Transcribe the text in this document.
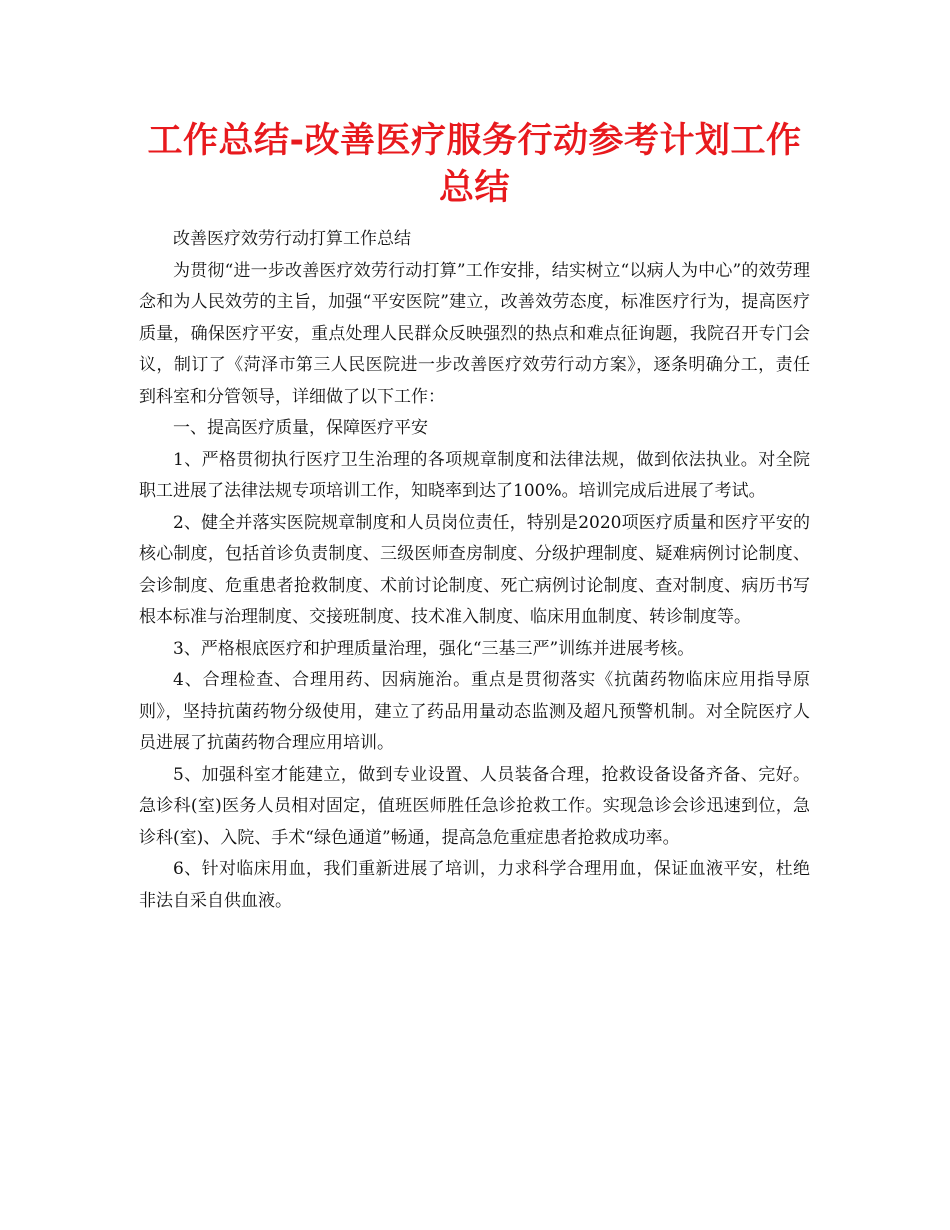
工作总结-改善医疗服务行动参考计划工作总结

改善医疗效劳行动打算工作总结

为贯彻“进一步改善医疗效劳行动打算”工作安排，结实树立“以病人为中心”的效劳理念和为人民效劳的主旨，加强“平安医院”建立，改善效劳态度，标准医疗行为，提高医疗质量，确保医疗平安，重点处理人民群众反映强烈的热点和难点征询题，我院召开专门会议，制订了《菏泽市第三人民医院进一步改善医疗效劳行动方案》，逐条明确分工，责任到科室和分管领导，详细做了以下工作：

一、提高医疗质量，保障医疗平安

1、严格贯彻执行医疗卫生治理的各项规章制度和法律法规，做到依法执业。对全院职工进展了法律法规专项培训工作，知晓率到达了100%。培训完成后进展了考试。

2、健全并落实医院规章制度和人员岗位责任，特别是2020项医疗质量和医疗平安的核心制度，包括首诊负责制度、三级医师查房制度、分级护理制度、疑难病例讨论制度、会诊制度、危重患者抢救制度、术前讨论制度、死亡病例讨论制度、查对制度、病历书写根本标准与治理制度、交接班制度、技术准入制度、临床用血制度、转诊制度等。

3、严格根底医疗和护理质量治理，强化“三基三严”训练并进展考核。

4、合理检查、合理用药、因病施治。重点是贯彻落实《抗菌药物临床应用指导原则》，坚持抗菌药物分级使用，建立了药品用量动态监测及超凡预警机制。对全院医疗人员进展了抗菌药物合理应用培训。

5、加强科室才能建立，做到专业设置、人员装备合理，抢救设备设备齐备、完好。急诊科(室)医务人员相对固定，值班医师胜任急诊抢救工作。实现急诊会诊迅速到位，急诊科(室)、入院、手术“绿色通道”畅通，提高急危重症患者抢救成功率。

6、针对临床用血，我们重新进展了培训，力求科学合理用血，保证血液平安，杜绝非法自采自供血液。
